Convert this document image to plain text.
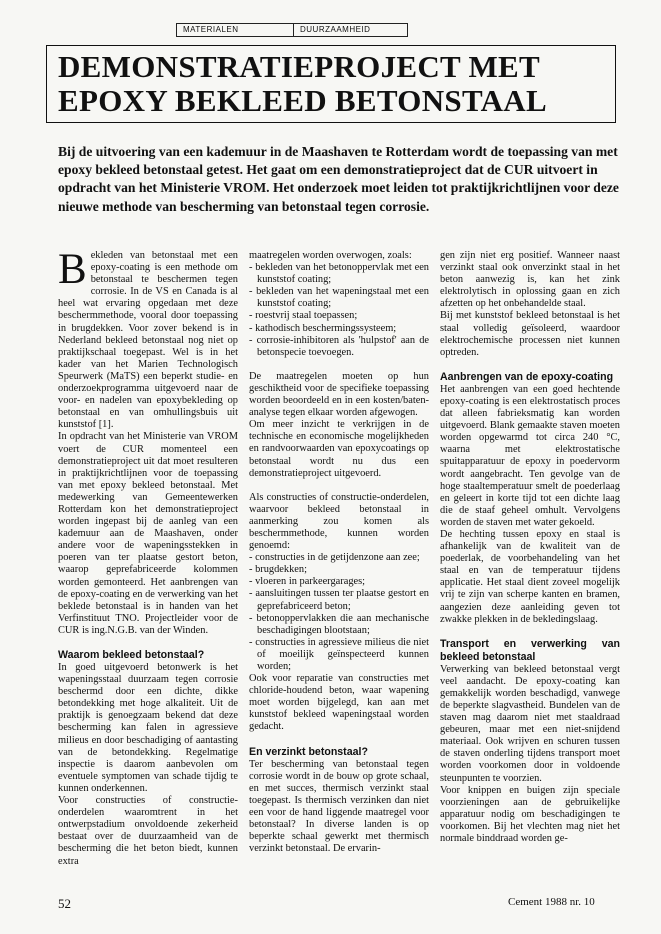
MATERIALEN	DUURZAAMHEID
DEMONSTRATIEPROJECT MET
EPOXY BEKLEED BETONSTAAL

Bij de uitvoering van een kademuur in de Maashaven te Rotterdam wordt de toepassing van met epoxy bekleed betonstaal getest. Het gaat om een demonstratieproject dat de CUR uitvoert in opdracht van het Ministerie VROM. Het onderzoek moet leiden tot praktijkrichtlijnen voor deze nieuwe methode van bescherming van betonstaal tegen corrosie.

Bekleden van betonstaal met een epoxy-coating is een methode om betonstaal te beschermen tegen corrosie. In de VS en Canada is al heel wat ervaring opgedaan met deze beschermmethode, vooral door toepassing in brugdekken. Voor zover bekend is in Nederland bekleed betonstaal nog niet op praktijkschaal toegepast. Wel is in het kader van het Marien Technologisch Speurwerk (MaTS) een beperkt studie- en onderzoekprogramma uitgevoerd naar de voor- en nadelen van epoxybekleding op betonstaal en van omhullingsbuis uit kunststof [1].

In opdracht van het Ministerie van VROM voert de CUR momenteel een demonstratieproject uit dat moet resulteren in praktijkrichtlijnen voor de toepassing van met epoxy bekleed betonstaal. Met medewerking van Gemeentewerken Rotterdam kon het demonstratieproject worden ingepast bij de aanleg van een kademuur aan de Maashaven, onder andere voor de wapeningsstekken in poeren van ter plaatse gestort beton, waarop geprefabriceerde kolommen worden gemonteerd. Het aanbrengen van de epoxy-coating en de verwerking van het beklede betonstaal is in handen van het Verfinstituut TNO. Projectleider voor de CUR is ing.N.G.B. van der Winden.

Waarom bekleed betonstaal?

In goed uitgevoerd betonwerk is het wapeningsstaal duurzaam tegen corrosie beschermd door een dichte, dikke betondekking met hoge alkaliteit. Uit de praktijk is genoegzaam bekend dat deze bescherming kan falen in agressieve milieus en door beschadiging of aantasting van de betondekking. Regelmatige inspectie is daarom aanbevolen om eventuele symptomen van schade tijdig te kunnen onderkennen.

Voor constructies of constructie-onderdelen waaromtrent in het ontwerpstadium onvoldoende zekerheid bestaat over de duurzaamheid van de bescherming die het beton biedt, kunnen extra

maatregelen worden overwogen, zoals:

- bekleden van het betonoppervlak met een kunststof coating;
- bekleden van het wapeningstaal met een kunststof coating;
- roestvrij staal toepassen;
- kathodisch beschermingssysteem;
- corrosie-inhibitoren als 'hulpstof' aan de betonspecie toevoegen.

De maatregelen moeten op hun geschiktheid voor de specifieke toepassing worden beoordeeld en in een kosten/baten-analyse tegen elkaar worden afgewogen.

Om meer inzicht te verkrijgen in de technische en economische mogelijkheden en randvoorwaarden van epoxycoatings op betonstaal wordt nu dus een demonstratieproject uitgevoerd.

Als constructies of constructie-onderdelen, waarvoor bekleed betonstaal in aanmerking zou komen als beschermmethode, kunnen worden genoemd:

- constructies in de getijdenzone aan zee;
- brugdekken;
- vloeren in parkeergarages;
- aansluitingen tussen ter plaatse gestort en geprefabriceerd beton;
- betonoppervlakken die aan mechanische beschadigingen blootstaan;
- constructies in agressieve milieus die niet of moeilijk geïnspecteerd kunnen worden;

Ook voor reparatie van constructies met chloride-houdend beton, waar wapening moet worden bijgelegd, kan aan met kunststof bekleed wapeningstaal worden gedacht.

En verzinkt betonstaal?

Ter bescherming van betonstaal tegen corrosie wordt in de bouw op grote schaal, en met succes, thermisch verzinkt staal toegepast. Is thermisch verzinken dan niet een voor de hand liggende maatregel voor betonstaal? In diverse landen is op beperkte schaal gewerkt met thermisch verzinkt betonstaal. De ervarin-

gen zijn niet erg positief. Wanneer naast verzinkt staal ook onverzinkt staal in het beton aanwezig is, kan het zink elektrolytisch in oplossing gaan en zich afzetten op het onbehandelde staal.

Bij met kunststof bekleed betonstaal is het staal volledig geïsoleerd, waardoor elektrochemische processen niet kunnen optreden.

Aanbrengen van de epoxy-coating

Het aanbrengen van een goed hechtende epoxy-coating is een elektrostatisch proces dat alleen fabrieksmatig kan worden uitgevoerd. Blank gemaakte staven moeten worden opgewarmd tot circa 240 °C, waarna met elektrostatische spuitapparatuur de epoxy in poedervorm wordt aangebracht. Ten gevolge van de hoge staaltemperatuur smelt de poederlaag en geleert in korte tijd tot een dichte laag die de staaf geheel omhult. Vervolgens worden de staven met water gekoeld.

De hechting tussen epoxy en staal is afhankelijk van de kwaliteit van de poederlak, de voorbehandeling van het staal en van de temperatuur tijdens applicatie. Het staal dient zoveel mogelijk vrij te zijn van scherpe kanten en bramen, aangezien deze aanleiding geven tot zwakke plekken in de bekledingslaag.

Transport en verwerking van bekleed betonstaal

Verwerking van bekleed betonstaal vergt veel aandacht. De epoxy-coating kan gemakkelijk worden beschadigd, vanwege de beperkte slagvastheid. Bundelen van de staven mag daarom niet met staaldraad gebeuren, maar met een niet-snijdend materiaal. Ook wrijven en schuren tussen de staven onderling tijdens transport moet worden voorkomen door in voldoende steunpunten te voorzien.

Voor knippen en buigen zijn speciale voorzieningen aan de gebruikelijke apparatuur nodig om beschadigingen te voorkomen. Bij het vlechten mag niet het normale binddraad worden ge-

52	Cement 1988 nr. 10
